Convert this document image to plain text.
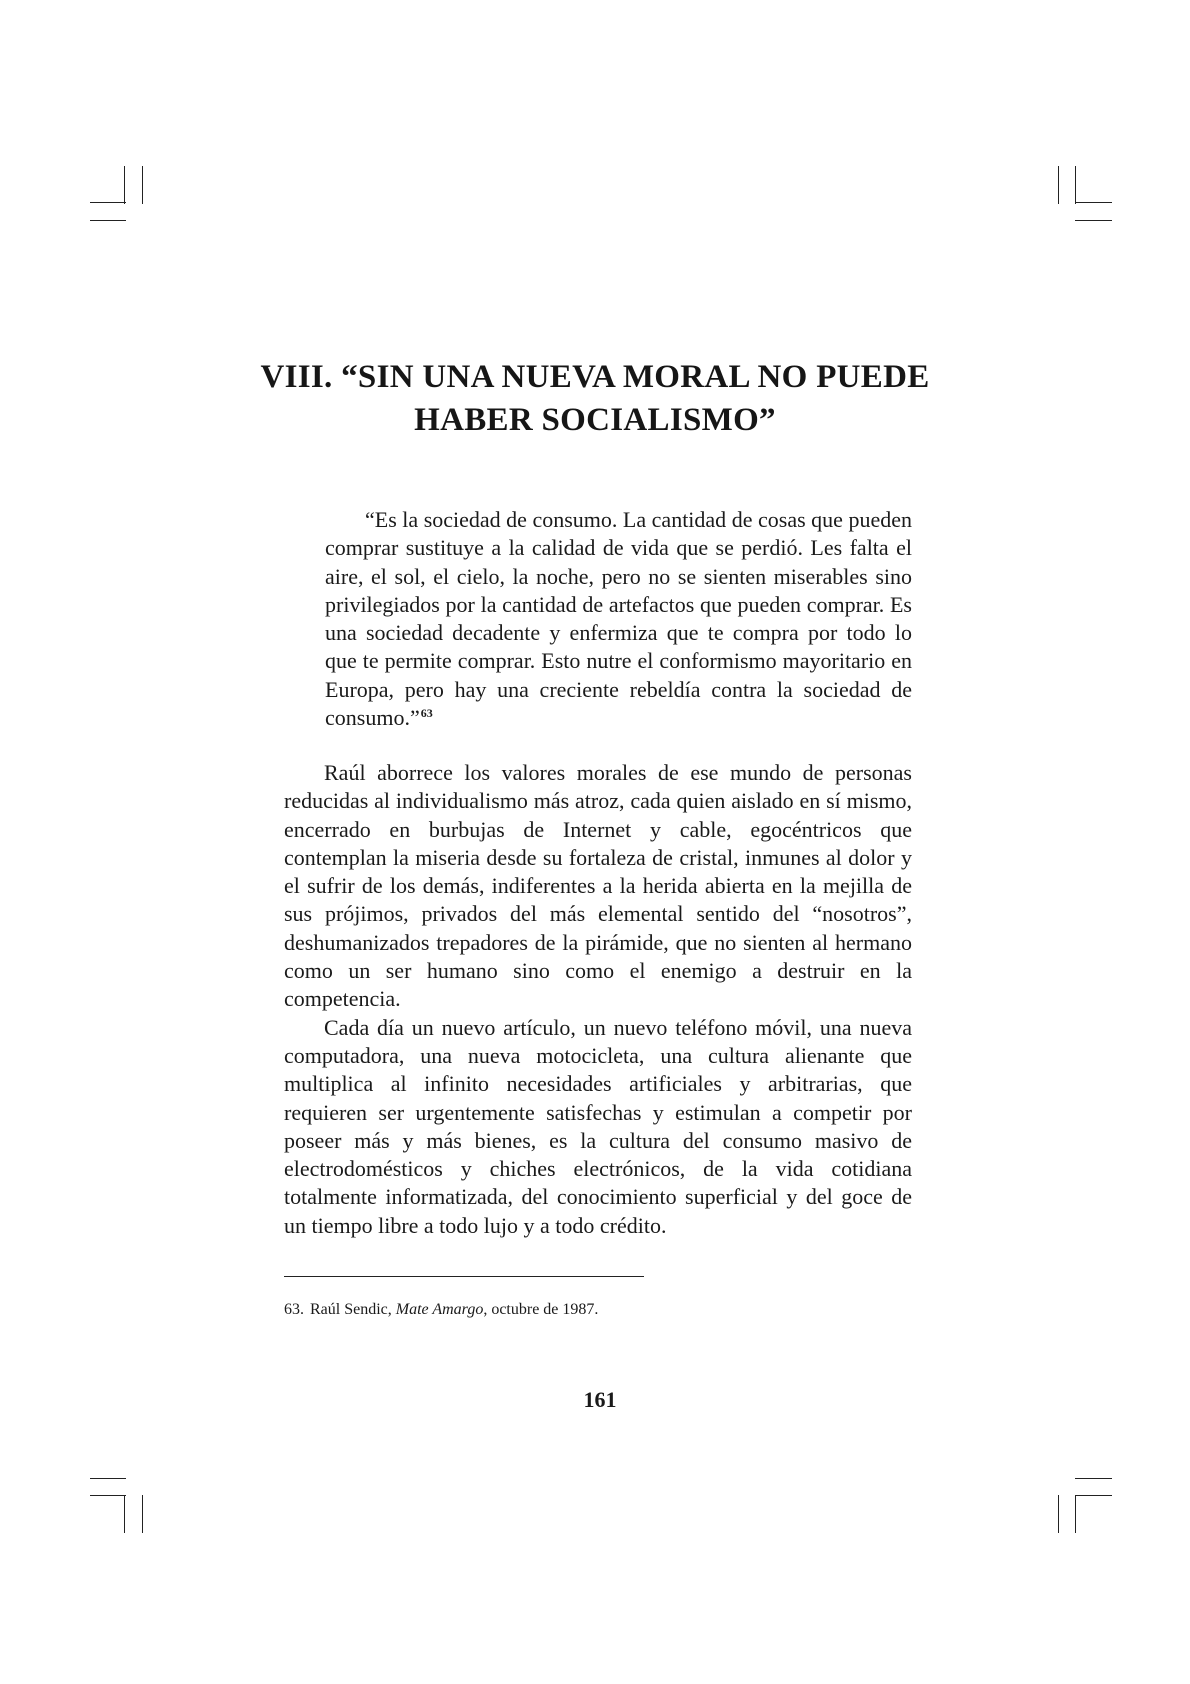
VIII. “SIN UNA NUEVA MORAL NO PUEDE
HABER SOCIALISMO”

“Es la sociedad de consumo. La cantidad de cosas que pueden comprar sustituye a la calidad de vida que se perdió. Les falta el aire, el sol, el cielo, la noche, pero no se sienten miserables sino privilegiados por la cantidad de artefactos que pueden comprar. Es una sociedad decadente y enfermiza que te compra por todo lo que te permite comprar. Esto nutre el conformismo mayoritario en Europa, pero hay una creciente rebeldía contra la sociedad de consumo.”$^{63}$

Raúl aborrece los valores morales de ese mundo de personas reducidas al individualismo más atroz, cada quien aislado en sí mismo, encerrado en burbujas de Internet y cable, egocéntricos que contemplan la miseria desde su fortaleza de cristal, inmunes al dolor y el sufrir de los demás, indiferentes a la herida abierta en la mejilla de sus prójimos, privados del más elemental sentido del “nosotros”, deshumanizados trepadores de la pirámide, que no sienten al hermano como un ser humano sino como el enemigo a destruir en la competencia.

Cada día un nuevo artículo, un nuevo teléfono móvil, una nueva computadora, una nueva motocicleta, una cultura alienante que multiplica al infinito necesidades artificiales y arbitrarias, que requieren ser urgentemente satisfechas y estimulan a competir por poseer más y más bienes, es la cultura del consumo masivo de electrodomésticos y chiches electrónicos, de la vida cotidiana totalmente informatizada, del conocimiento superficial y del goce de un tiempo libre a todo lujo y a todo crédito.

63. Raúl Sendic, Mate Amargo, octubre de 1987.

161
